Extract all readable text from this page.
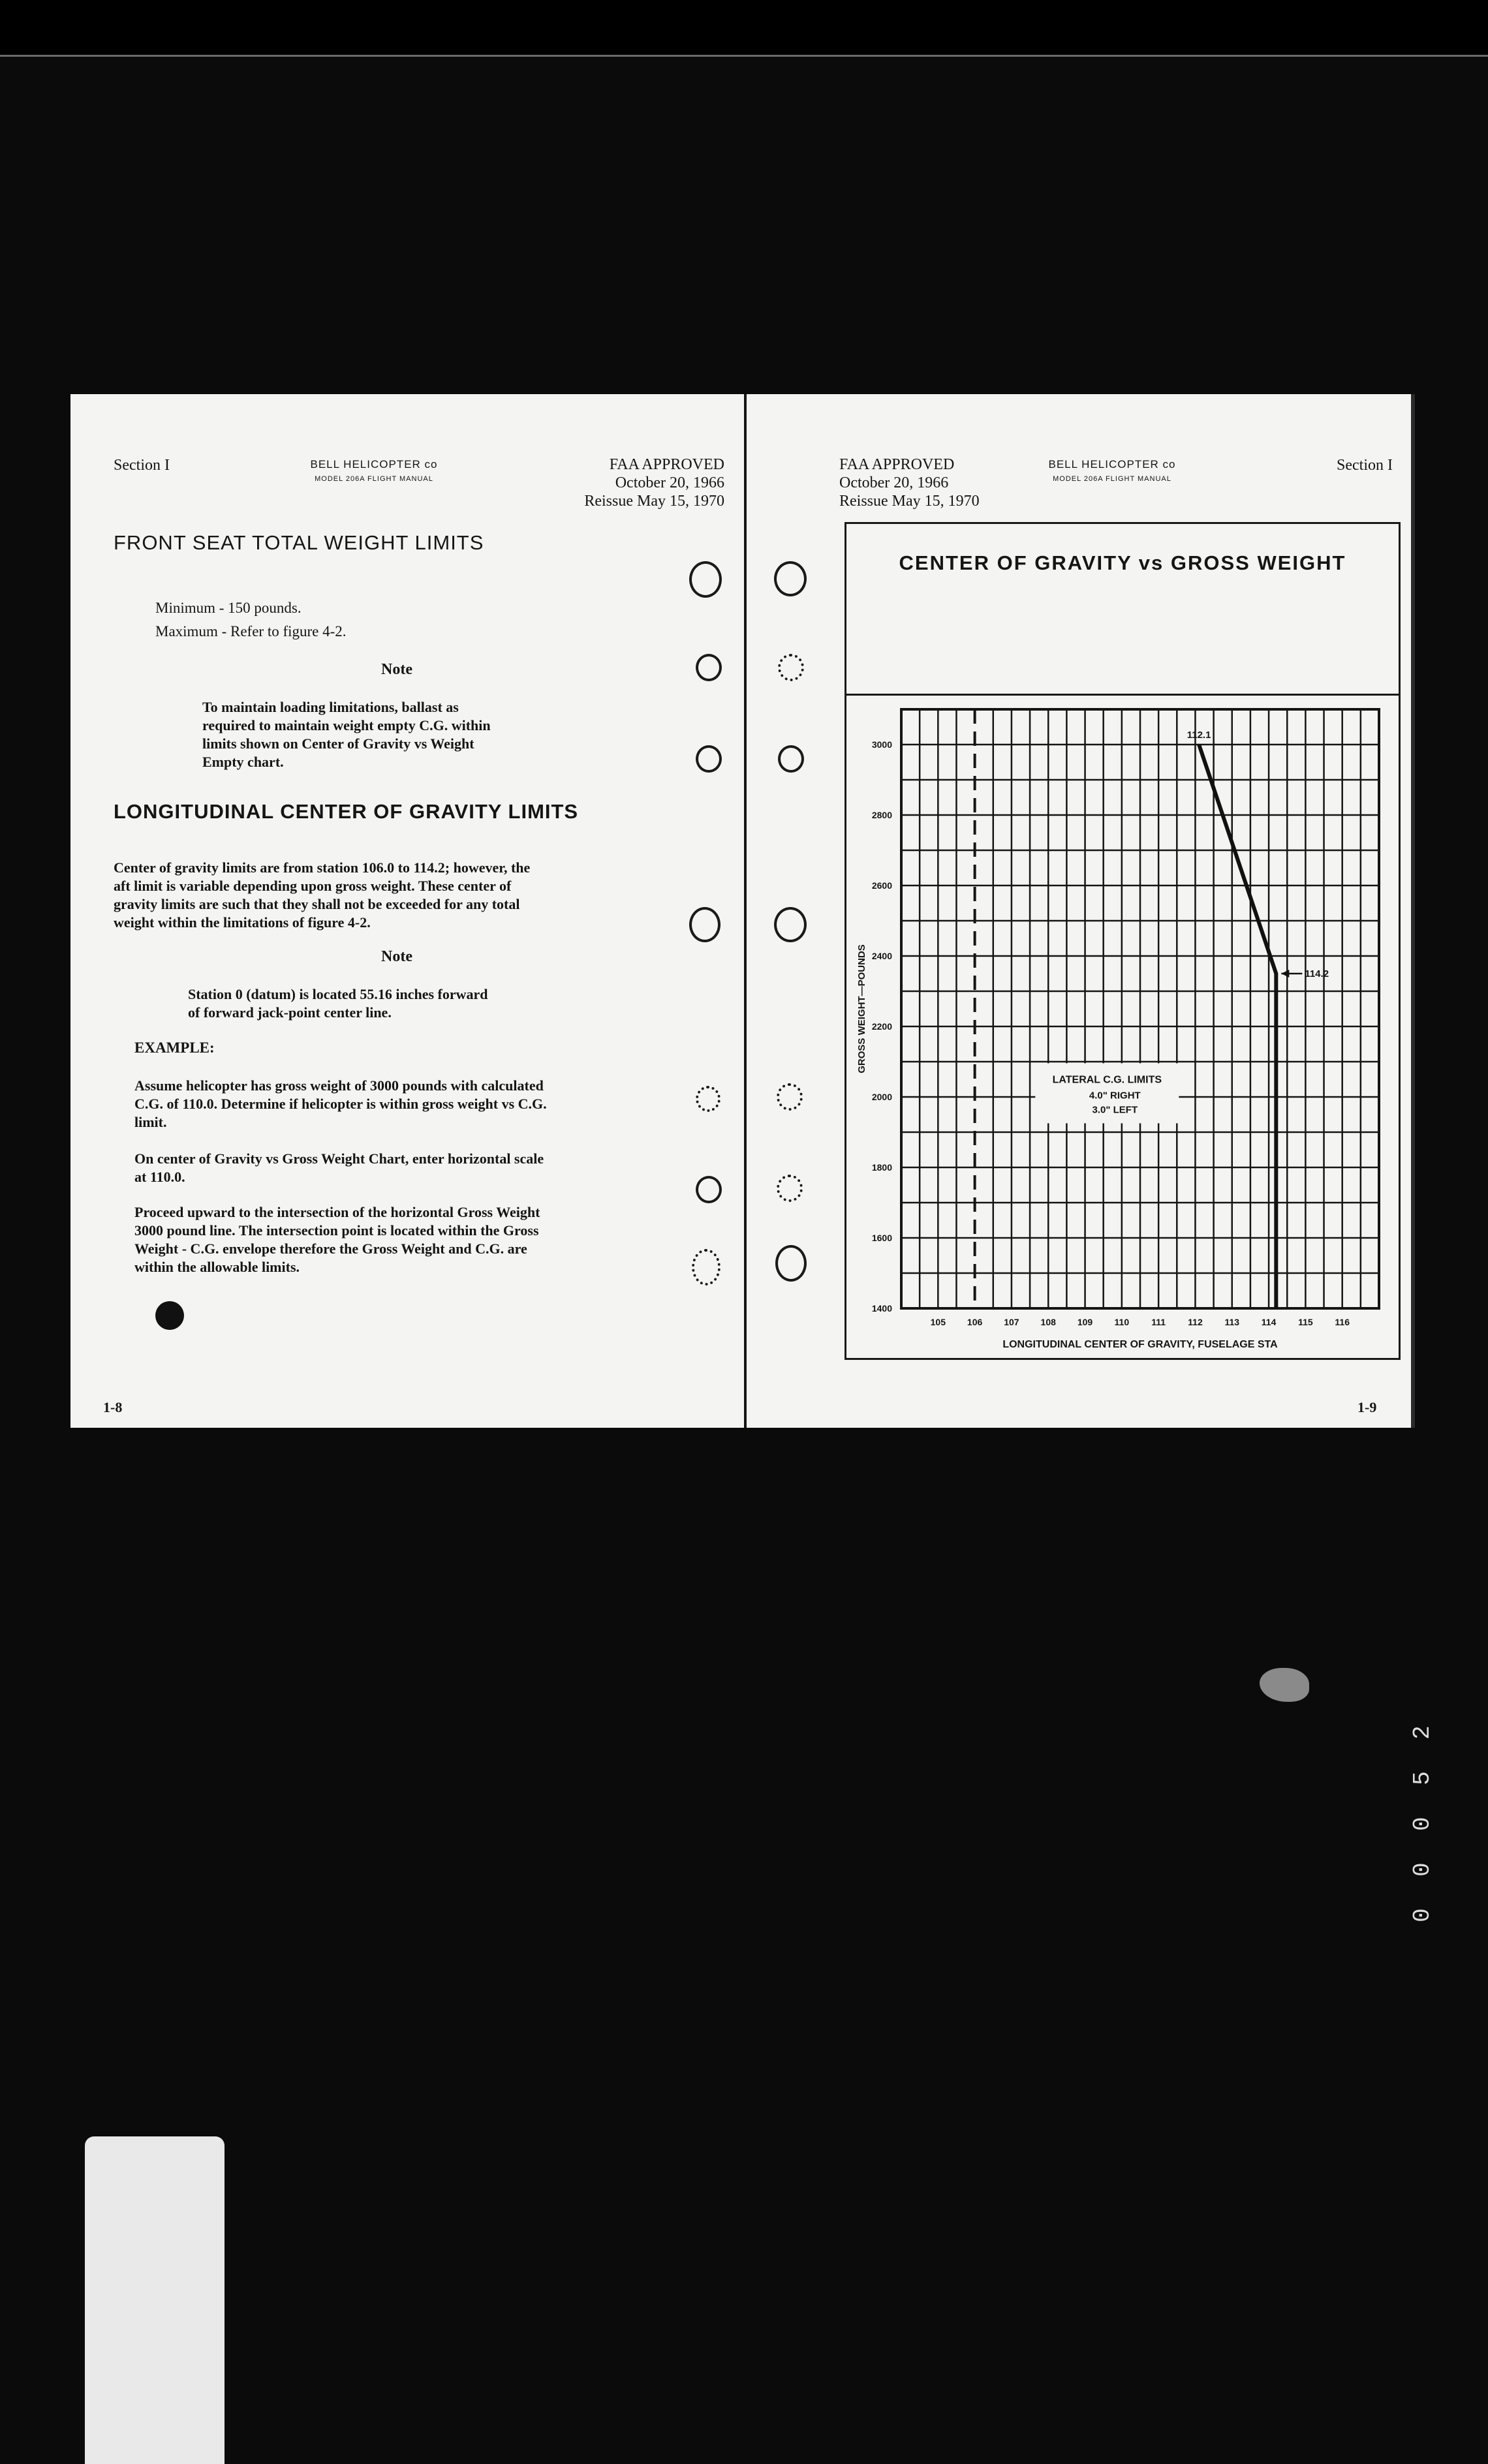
Section I	BELL HELICOPTER co
MODEL 206A FLIGHT MANUAL
FAA APPROVED
October 20, 1966
Reissue May 15, 1970
FRONT SEAT TOTAL WEIGHT LIMITS
Minimum - 150 pounds.
Maximum - Refer to figure 4-2.
Note
To maintain loading limitations, ballast as
required to maintain weight empty C.G. within
limits shown on Center of Gravity vs Weight
Empty chart.
LONGITUDINAL CENTER OF GRAVITY LIMITS
Center of gravity limits are from station 106.0 to 114.2; however, the
aft limit is variable depending upon gross weight. These center of
gravity limits are such that they shall not be exceeded for any total
weight within the limitations of figure 4-2.
Note
Station 0 (datum) is located 55.16 inches forward
of forward jack-point center line.
EXAMPLE:
Assume helicopter has gross weight of 3000 pounds with calculated
C.G. of 110.0. Determine if helicopter is within gross weight vs C.G.
limit.
On center of Gravity vs Gross Weight Chart, enter horizontal scale
at 110.0.
Proceed upward to the intersection of the horizontal Gross Weight
3000 pound line. The intersection point is located within the Gross
Weight - C.G. envelope therefore the Gross Weight and C.G. are
within the allowable limits.
1-8
FAA APPROVED
October 20, 1966
Reissue May 15, 1970
BELL HELICOPTER co
MODEL 206A FLIGHT MANUAL
Section I
CENTER OF GRAVITY vs GROSS WEIGHT
1400
1600
1800
2000
2200
2400
2600
2800
3000
105 106 107 108 109 110 111 112 113 114 115 116
LONGITUDINAL CENTER OF GRAVITY, FUSELAGE STA
GROSS WEIGHT—POUNDS
112.1
114.2
LATERAL C.G. LIMITS
4.0" RIGHT
3.0" LEFT
1-9
2
5
0
0
0
